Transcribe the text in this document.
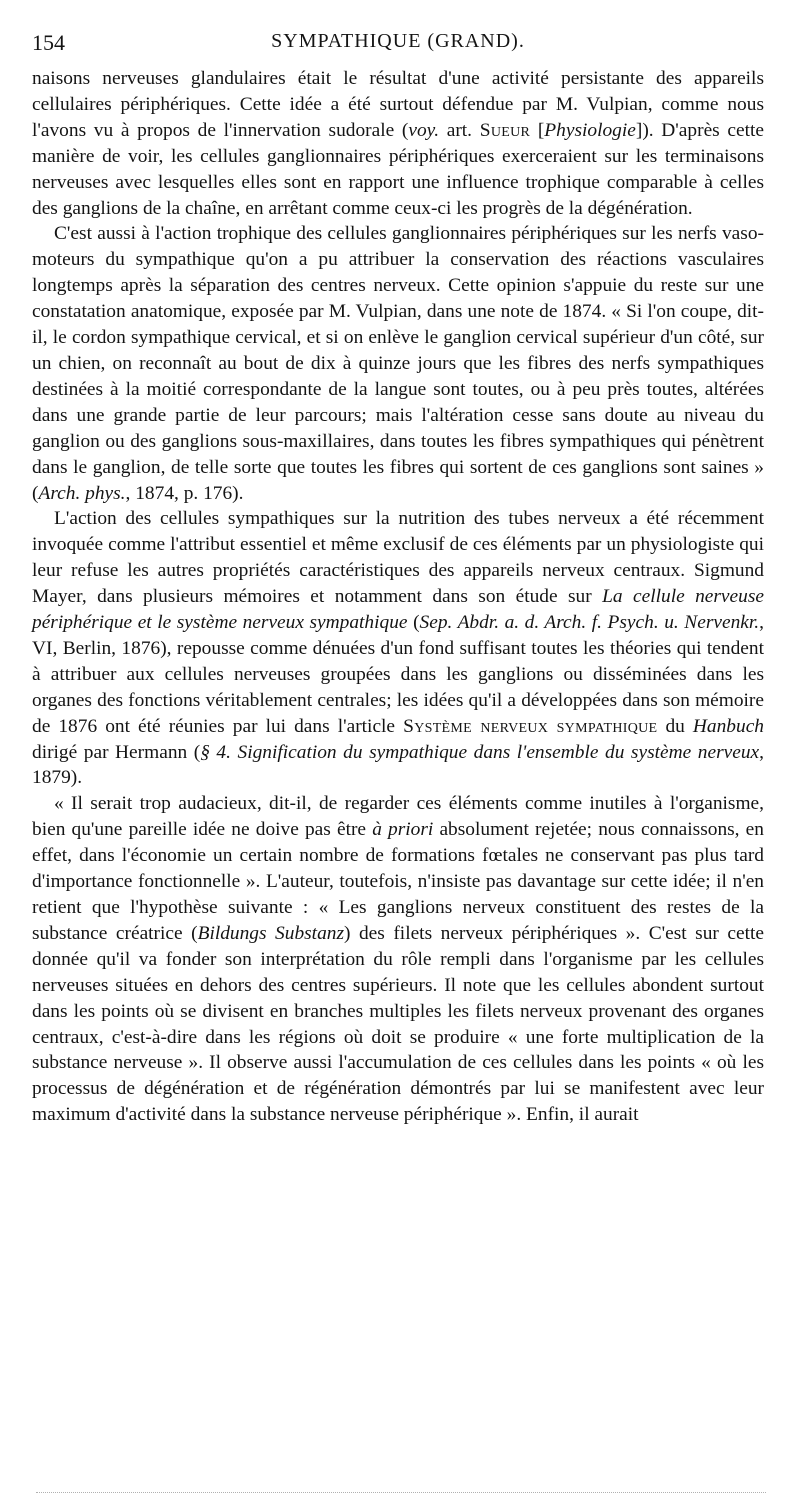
154	SYMPATHIQUE (GRAND).

naisons nerveuses glandulaires était le résultat d'une activité persistante des appareils cellulaires périphériques. Cette idée a été surtout défendue par M. Vulpian, comme nous l'avons vu à propos de l'innervation sudorale (voy. art. Sueur [Physiologie]). D'après cette manière de voir, les cellules ganglionnaires périphériques exerceraient sur les terminaisons nerveuses avec lesquelles elles sont en rapport une influence trophique comparable à celles des ganglions de la chaîne, en arrêtant comme ceux-ci les progrès de la dégénération.

C'est aussi à l'action trophique des cellules ganglionnaires périphériques sur les nerfs vaso-moteurs du sympathique qu'on a pu attribuer la conservation des réactions vasculaires longtemps après la séparation des centres nerveux. Cette opinion s'appuie du reste sur une constatation anatomique, exposée par M. Vulpian, dans une note de 1874. « Si l'on coupe, dit-il, le cordon sympathique cervical, et si on enlève le ganglion cervical supérieur d'un côté, sur un chien, on reconnaît au bout de dix à quinze jours que les fibres des nerfs sympathiques destinées à la moitié correspondante de la langue sont toutes, ou à peu près toutes, altérées dans une grande partie de leur parcours; mais l'altération cesse sans doute au niveau du ganglion ou des ganglions sous-maxillaires, dans toutes les fibres sympathiques qui pénètrent dans le ganglion, de telle sorte que toutes les fibres qui sortent de ces ganglions sont saines » (Arch. phys., 1874, p. 176).

L'action des cellules sympathiques sur la nutrition des tubes nerveux a été récemment invoquée comme l'attribut essentiel et même exclusif de ces éléments par un physiologiste qui leur refuse les autres propriétés caractéristiques des appareils nerveux centraux. Sigmund Mayer, dans plusieurs mémoires et notamment dans son étude sur La cellule nerveuse périphérique et le système nerveux sympathique (Sep. Abdr. a. d. Arch. f. Psych. u. Nervenkr., VI, Berlin, 1876), repousse comme dénuées d'un fond suffisant toutes les théories qui tendent à attribuer aux cellules nerveuses groupées dans les ganglions ou disséminées dans les organes des fonctions véritablement centrales; les idées qu'il a développées dans son mémoire de 1876 ont été réunies par lui dans l'article Système nerveux sympathique du Hanbuch dirigé par Hermann (§ 4. Signification du sympathique dans l'ensemble du système nerveux, 1879).

« Il serait trop audacieux, dit-il, de regarder ces éléments comme inutiles à l'organisme, bien qu'une pareille idée ne doive pas être à priori absolument rejetée; nous connaissons, en effet, dans l'économie un certain nombre de formations fœtales ne conservant pas plus tard d'importance fonctionnelle ». L'auteur, toutefois, n'insiste pas davantage sur cette idée; il n'en retient que l'hypothèse suivante : « Les ganglions nerveux constituent des restes de la substance créatrice (Bildungs Substanz) des filets nerveux périphériques ». C'est sur cette donnée qu'il va fonder son interprétation du rôle rempli dans l'organisme par les cellules nerveuses situées en dehors des centres supérieurs. Il note que les cellules abondent surtout dans les points où se divisent en branches multiples les filets nerveux provenant des organes centraux, c'est-à-dire dans les régions où doit se produire « une forte multiplication de la substance nerveuse ». Il observe aussi l'accumulation de ces cellules dans les points « où les processus de dégénération et de régénération démontrés par lui se manifestent avec leur maximum d'activité dans la substance nerveuse périphérique ». Enfin, il aurait
